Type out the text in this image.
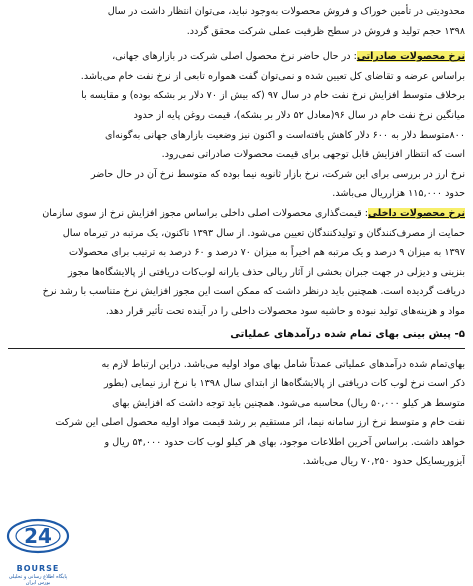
محدودیتی در تأمین خوراک و فروش محصولات به‌وجود نباید، می‌توان انتظار داشت در سال
۱۳۹۸ حجم تولید و فروش در سطح ظرفیت عملی شرکت محقق گردد.
نرخ محصولات صادراتی: در حال حاضر نرخ محصول اصلی شرکت در بازارهای جهانی،
براساس عرضه و تقاضای کل تعیین شده و نمی‌توان گفت همواره تابعی از نرخ نفت خام می‌باشد.
برخلاف متوسط افزایش نرخ نفت خام در سال ۹۷ (که بیش از ۷۰ دلار بر بشکه بوده) و مقایسه با
میانگین نرخ نفت خام در سال ۹۶(معادل ۵۲ دلار بر بشکه)، قیمت روغن پایه از حدود
۸۰۰متوسط دلار به ۶۰۰ دلار کاهش یافته‌است و اکنون نیز وضعیت بازارهای جهانی به‌گونه‌ای
است که انتظار افزایش قابل توجهی برای قیمت محصولات صادراتی نمی‌رود.
نرخ ارز در بررسی برای این شرکت، نرخ بازار ثانویه نیما بوده که متوسط نرخ آن در حال حاضر
حدود ۱۱۵,۰۰۰ هزارریال می‌باشد.
نرخ محصولات داخلی: قیمت‌گذاری محصولات اصلی داخلی براساس مجوز افزایش نرخ از سوی سازمان
حمایت از مصرف‌کنندگان و تولیدکنندگان تعیین می‌شود. از سال ۱۳۹۳ تاکنون، یک مرتبه در تیرماه سال
۱۳۹۷ به میزان ۹ درصد و یک مرتبه هم اخیراً به میزان ۷۰ درصد و ۶۰ درصد به ترتیب برای محصولات
بنزینی و دیزلی در جهت جبران بخشی از آثار ریالی حذف یارانه لوب‌کات دریافتی از پالایشگاه‌ها مجوز
دریافت گردیده است. همچنین باید درنظر داشت که ممکن است این مجوز افزایش نرخ متناسب با رشد نرخ
مواد و هزینه‌های تولید نبوده و حاشیه سود محصولات داخلی را در آینده تحت تأثیر قرار دهد.
۵- پیش بینی بهای تمام شده درآمدهای عملیاتی
بهای‌تمام شده درآمدهای عملیاتی عمدتاً شامل بهای مواد اولیه می‌باشد. دراین ارتباط لازم به
ذکر است نرخ لوب کات دریافتی از پالایشگاه‌ها از ابتدای سال ۱۳۹۸ با نرخ ارز نیمایی (بطور
متوسط هر کیلو ۵۰,۰۰۰ ریال) محاسبه می‌شود. همچنین باید توجه داشت که افزایش بهای
نفت خام و متوسط نرخ ارز سامانه نیما، اثر مستقیم بر رشد قیمت مواد اولیه محصول اصلی این شرکت
خواهد داشت. براساس آخرین اطلاعات موجود، بهای هر کیلو لوب کات حدود ۵۴,۰۰۰ ریال و
آیزوریسایکل حدود ۷۰,۲۵۰ ریال می‌باشد.
24
BOURSE
پایگاه اطلاع رسانی و تحلیلی بورس ایران
